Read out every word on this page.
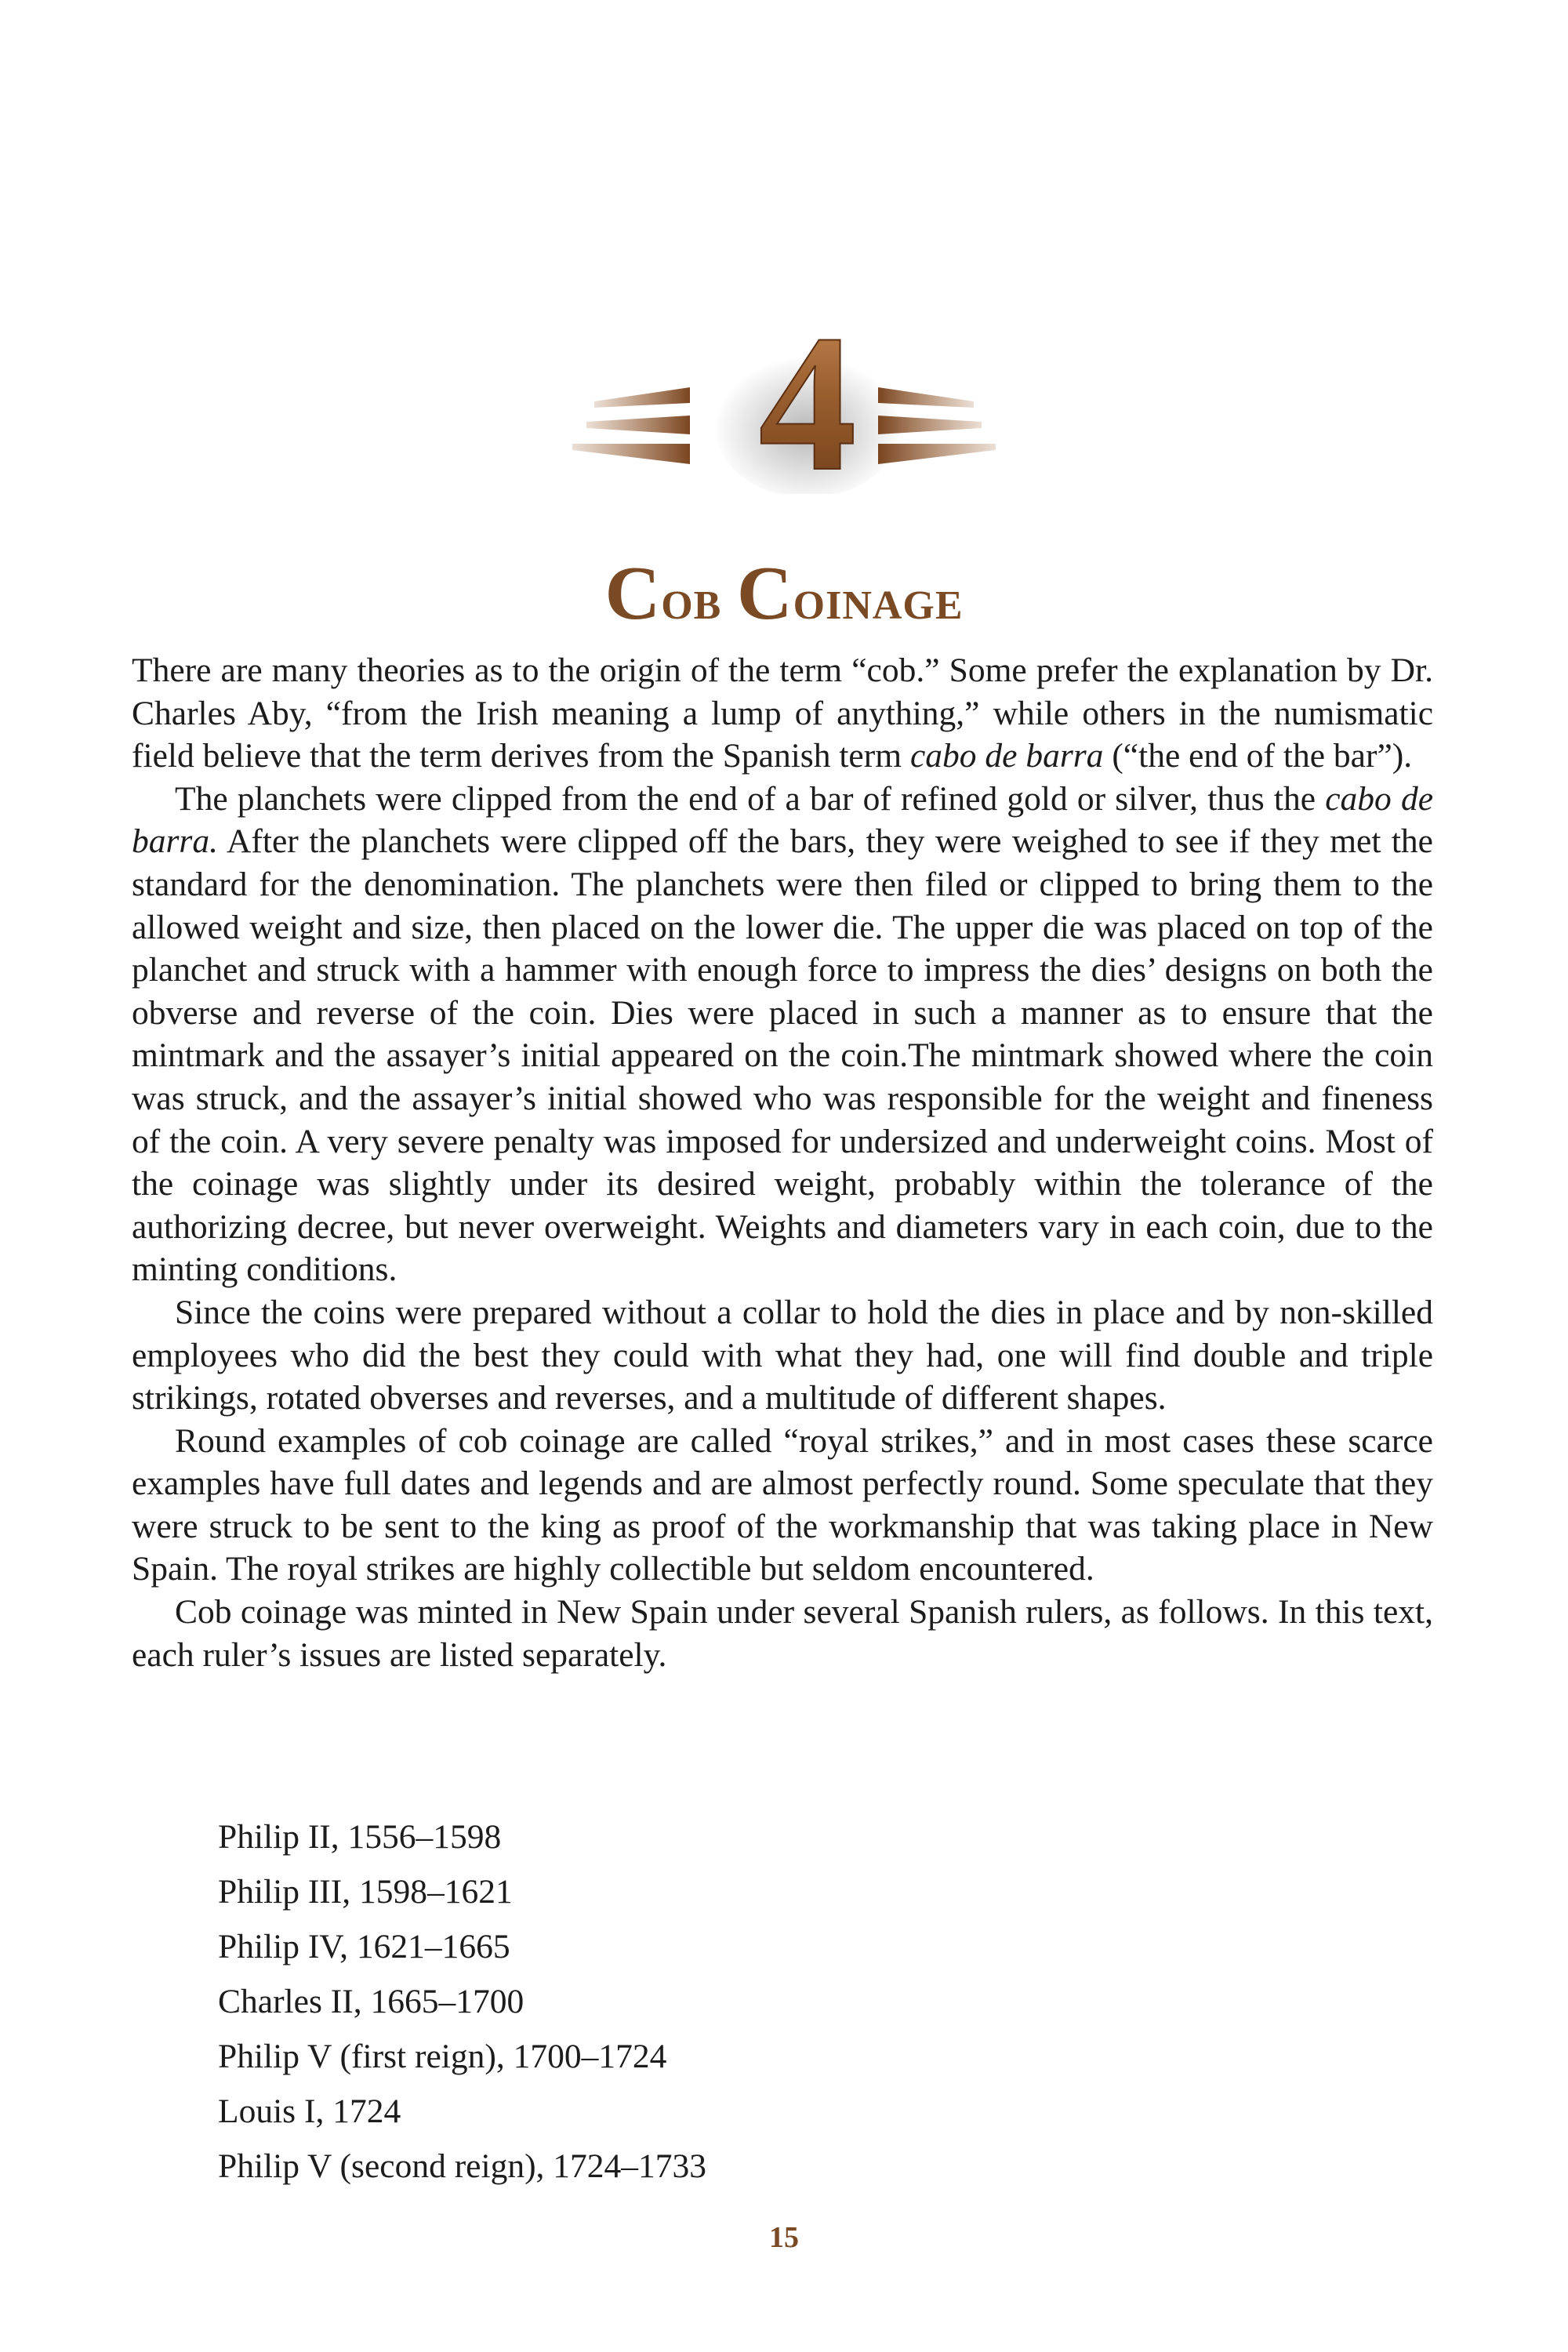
4
Cob Coinage

There are many theories as to the origin of the term “cob.” Some prefer the explanation by Dr. Charles Aby, “from the Irish meaning a lump of anything,” while others in the numismatic field believe that the term derives from the Spanish term cabo de barra (“the end of the bar”).

The planchets were clipped from the end of a bar of refined gold or silver, thus the cabo de barra. After the planchets were clipped off the bars, they were weighed to see if they met the standard for the denomination. The planchets were then filed or clipped to bring them to the allowed weight and size, then placed on the lower die. The upper die was placed on top of the planchet and struck with a hammer with enough force to impress the dies’ designs on both the obverse and reverse of the coin. Dies were placed in such a manner as to ensure that the mintmark and the assayer’s initial appeared on the coin.The mintmark showed where the coin was struck, and the assayer’s initial showed who was responsible for the weight and fineness of the coin. A very severe penalty was imposed for undersized and underweight coins. Most of the coinage was slightly under its desired weight, probably within the tolerance of the authorizing decree, but never overweight. Weights and diameters vary in each coin, due to the minting conditions.

Since the coins were prepared without a collar to hold the dies in place and by non-skilled employees who did the best they could with what they had, one will find double and triple strikings, rotated obverses and reverses, and a multitude of different shapes.

Round examples of cob coinage are called “royal strikes,” and in most cases these scarce examples have full dates and legends and are almost perfectly round. Some speculate that they were struck to be sent to the king as proof of the workmanship that was taking place in New Spain. The royal strikes are highly collectible but seldom encountered.

Cob coinage was minted in New Spain under several Spanish rulers, as follows. In this text, each ruler’s issues are listed separately.

Philip II, 1556–1598
Philip III, 1598–1621
Philip IV, 1621–1665
Charles II, 1665–1700
Philip V (first reign), 1700–1724
Louis I, 1724
Philip V (second reign), 1724–1733
15
